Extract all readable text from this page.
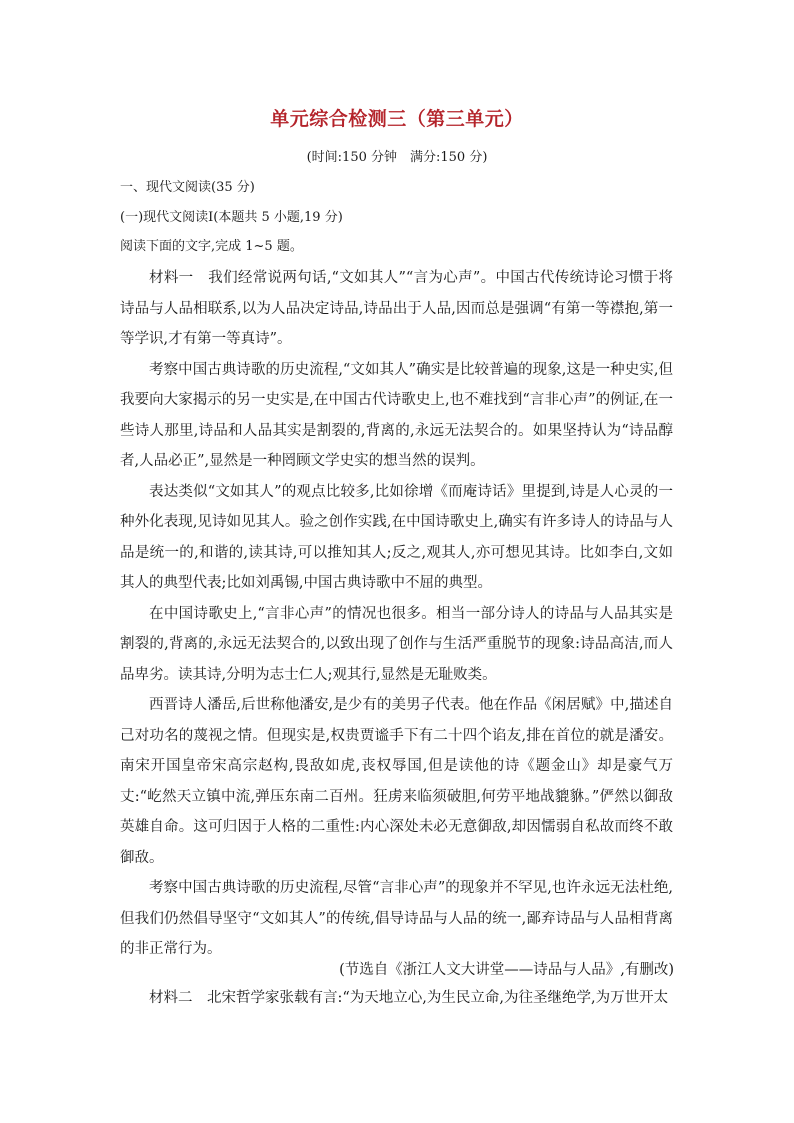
单元综合检测三（第三单元）
(时间:150 分钟　满分:150 分)
一、现代文阅读(35 分)
(一)现代文阅读Ⅰ(本题共 5 小题,19 分)
阅读下面的文字,完成 1~5 题。

材料一　我们经常说两句话,“文如其人”“言为心声”。中国古代传统诗论习惯于将诗品与人品相联系,以为人品决定诗品,诗品出于人品,因而总是强调“有第一等襟抱,第一等学识,才有第一等真诗”。

考察中国古典诗歌的历史流程,“文如其人”确实是比较普遍的现象,这是一种史实,但我要向大家揭示的另一史实是,在中国古代诗歌史上,也不难找到“言非心声”的例证,在一些诗人那里,诗品和人品其实是割裂的,背离的,永远无法契合的。如果坚持认为“诗品醇者,人品必正”,显然是一种罔顾文学史实的想当然的误判。

表达类似“文如其人”的观点比较多,比如徐增《而庵诗话》里提到,诗是人心灵的一种外化表现,见诗如见其人。验之创作实践,在中国诗歌史上,确实有许多诗人的诗品与人品是统一的,和谐的,读其诗,可以推知其人;反之,观其人,亦可想见其诗。比如李白,文如其人的典型代表;比如刘禹锡,中国古典诗歌中不屈的典型。

在中国诗歌史上,“言非心声”的情况也很多。相当一部分诗人的诗品与人品其实是割裂的,背离的,永远无法契合的,以致出现了创作与生活严重脱节的现象:诗品高洁,而人品卑劣。读其诗,分明为志士仁人;观其行,显然是无耻败类。

西晋诗人潘岳,后世称他潘安,是少有的美男子代表。他在作品《闲居赋》中,描述自己对功名的蔑视之情。但现实是,权贵贾谧手下有二十四个谄友,排在首位的就是潘安。南宋开国皇帝宋高宗赵构,畏敌如虎,丧权辱国,但是读他的诗《题金山》却是豪气万丈:“屹然天立镇中流,弹压东南二百州。狂虏来临须破胆,何劳平地战貔貅。”俨然以御敌英雄自命。这可归因于人格的二重性:内心深处未必无意御敌,却因懦弱自私故而终不敢御敌。

考察中国古典诗歌的历史流程,尽管“言非心声”的现象并不罕见,也许永远无法杜绝,但我们仍然倡导坚守“文如其人”的传统,倡导诗品与人品的统一,鄙弃诗品与人品相背离的非正常行为。

(节选自《浙江人文大讲堂——诗品与人品》,有删改)

材料二　北宋哲学家张载有言:“为天地立心,为生民立命,为往圣继绝学,为万世开太
